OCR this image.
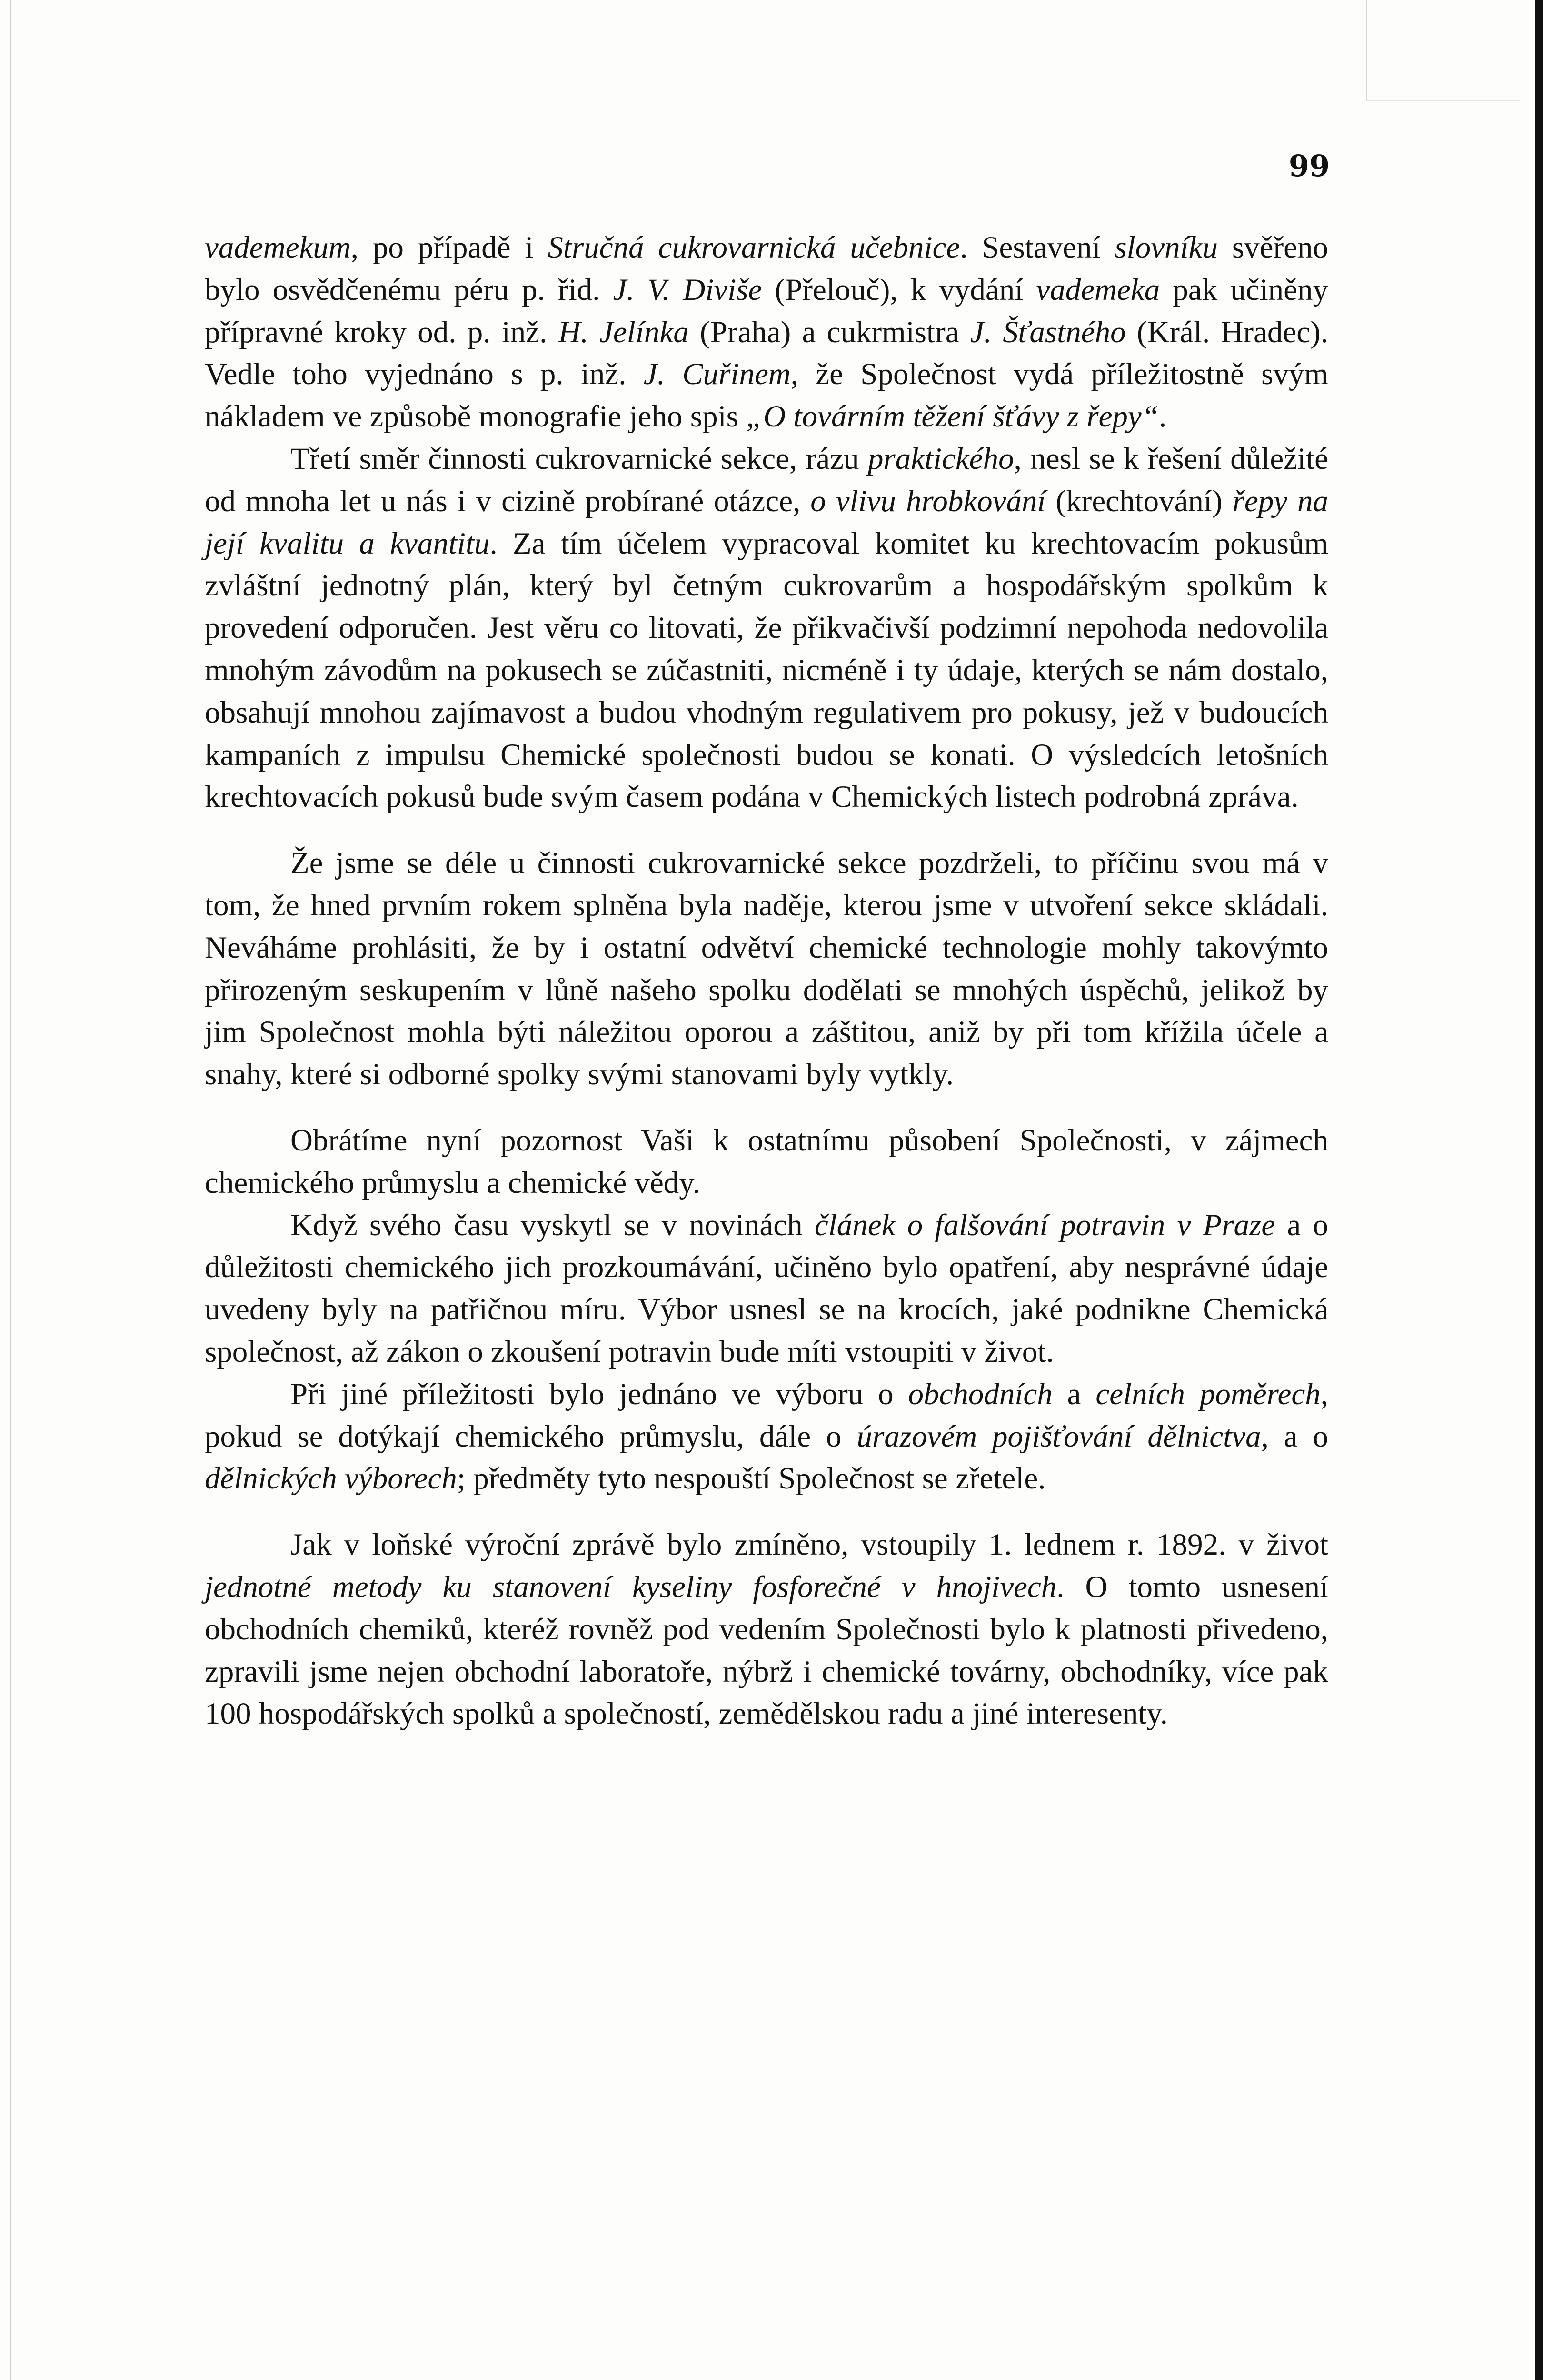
99

vademekum, po případě i Stručná cukrovarnická učebnice. Sestavení slovníku svěřeno bylo osvědčenému péru p. řid. J. V. Diviše (Přelouč), k vydání vademeka pak učiněny přípravné kroky od. p. inž. H. Jelínka (Praha) a cukrmistra J. Šťastného (Král. Hradec). Vedle toho vyjednáno s p. inž. J. Cuřinem, že Společnost vydá příležitostně svým nákladem ve způsobě monografie jeho spis „O továrním těžení šťávy z řepy“.

Třetí směr činnosti cukrovarnické sekce, rázu praktického, nesl se k řešení důležité od mnoha let u nás i v cizině probírané otázce, o vlivu hrobkování (krechtování) řepy na její kvalitu a kvantitu. Za tím účelem vypracoval komitet ku krechtovacím pokusům zvláštní jednotný plán, který byl četným cukrovarům a hospodářským spolkům k provedení odporučen. Jest věru co litovati, že přikvačivší podzimní nepohoda nedovolila mnohým závodům na pokusech se zúčastniti, nicméně i ty údaje, kterých se nám dostalo, obsahují mnohou zajímavost a budou vhodným regulativem pro pokusy, jež v budoucích kampaních z impulsu Chemické společnosti budou se konati. O výsledcích letošních krechtovacích pokusů bude svým časem podána v Chemických listech podrobná zpráva.

Že jsme se déle u činnosti cukrovarnické sekce pozdrželi, to příčinu svou má v tom, že hned prvním rokem splněna byla naděje, kterou jsme v utvoření sekce skládali. Neváháme prohlásiti, že by i ostatní odvětví chemické technologie mohly takovýmto přirozeným seskupením v lůně našeho spolku dodělati se mnohých úspěchů, jelikož by jim Společnost mohla býti náležitou oporou a záštitou, aniž by při tom křížila účele a snahy, které si odborné spolky svými stanovami byly vytkly.

Obrátíme nyní pozornost Vaši k ostatnímu působení Společnosti, v zájmech chemického průmyslu a chemické vědy.

Když svého času vyskytl se v novinách článek o falšování potravin v Praze a o důležitosti chemického jich prozkoumávání, učiněno bylo opatření, aby nesprávné údaje uvedeny byly na patřičnou míru. Výbor usnesl se na krocích, jaké podnikne Chemická společnost, až zákon o zkoušení potravin bude míti vstoupiti v život.

Při jiné příležitosti bylo jednáno ve výboru o obchodních a celních poměrech, pokud se dotýkají chemického průmyslu, dále o úrazovém pojišťování dělnictva, a o dělnických výborech; předměty tyto nespouští Společnost se zřetele.

Jak v loňské výroční zprávě bylo zmíněno, vstoupily 1. lednem r. 1892. v život jednotné metody ku stanovení kyseliny fosforečné v hnojivech. O tomto usnesení obchodních chemiků, kteréž rovněž pod vedením Společnosti bylo k platnosti přivedeno, zpravili jsme nejen obchodní laboratoře, nýbrž i chemické továrny, obchodníky, více pak 100 hospodářských spolků a společností, zemědělskou radu a jiné interesenty.
